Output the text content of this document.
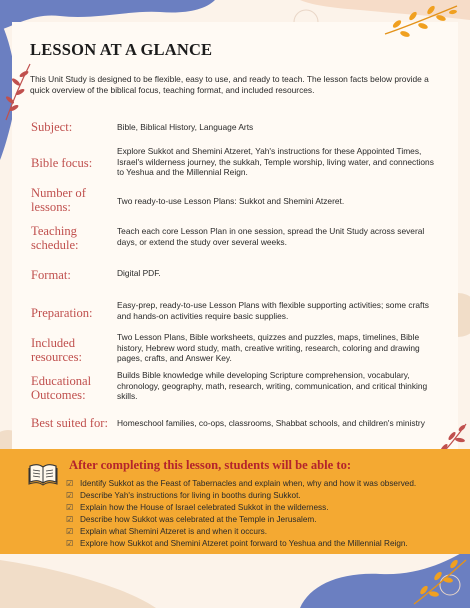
LESSON AT A GLANCE
This Unit Study is designed to be flexible, easy to use, and ready to teach. The lesson facts below provide a quick overview of the biblical focus, teaching format, and included resources.
Subject:	Bible, Biblical History, Language Arts
Bible focus:
Explore Sukkot and Shemini Atzeret, Yah's instructions for these Appointed Times, Israel's wilderness journey, the sukkah, Temple worship, living water, and connections to Yeshua and the Millennial Reign.
Number of lessons:	Two ready-to-use Lesson Plans: Sukkot and Shemini Atzeret.
Teaching schedule:
Teach each core Lesson Plan in one session, spread the Unit Study across several days, or extend the study over several weeks.
Format:	Digital PDF.
Preparation:
Easy-prep, ready-to-use Lesson Plans with flexible supporting activities; some crafts and hands-on activities require basic supplies.
Included resources:
Two Lesson Plans, Bible worksheets, quizzes and puzzles, maps, timelines, Bible history, Hebrew word study, math, creative writing, research, coloring and drawing pages, crafts, and Answer Key.
Educational Outcomes:
Builds Bible knowledge while developing Scripture comprehension, vocabulary, chronology, geography, math, research, writing, communication, and critical thinking skills.
Best suited for:	Homeschool families, co-ops, classrooms, Shabbat schools, and children's ministry
After completing this lesson, students will be able to:
☑ Identify Sukkot as the Feast of Tabernacles and explain when, why and how it was observed.
☑ Describe Yah's instructions for living in booths during Sukkot.
☑ Explain how the House of Israel celebrated Sukkot in the wilderness.
☑ Describe how Sukkot was celebrated at the Temple in Jerusalem.
☑ Explain what Shemini Atzeret is and when it occurs.
☑ Explore how Sukkot and Shemini Atzeret point forward to Yeshua and the Millennial Reign.
